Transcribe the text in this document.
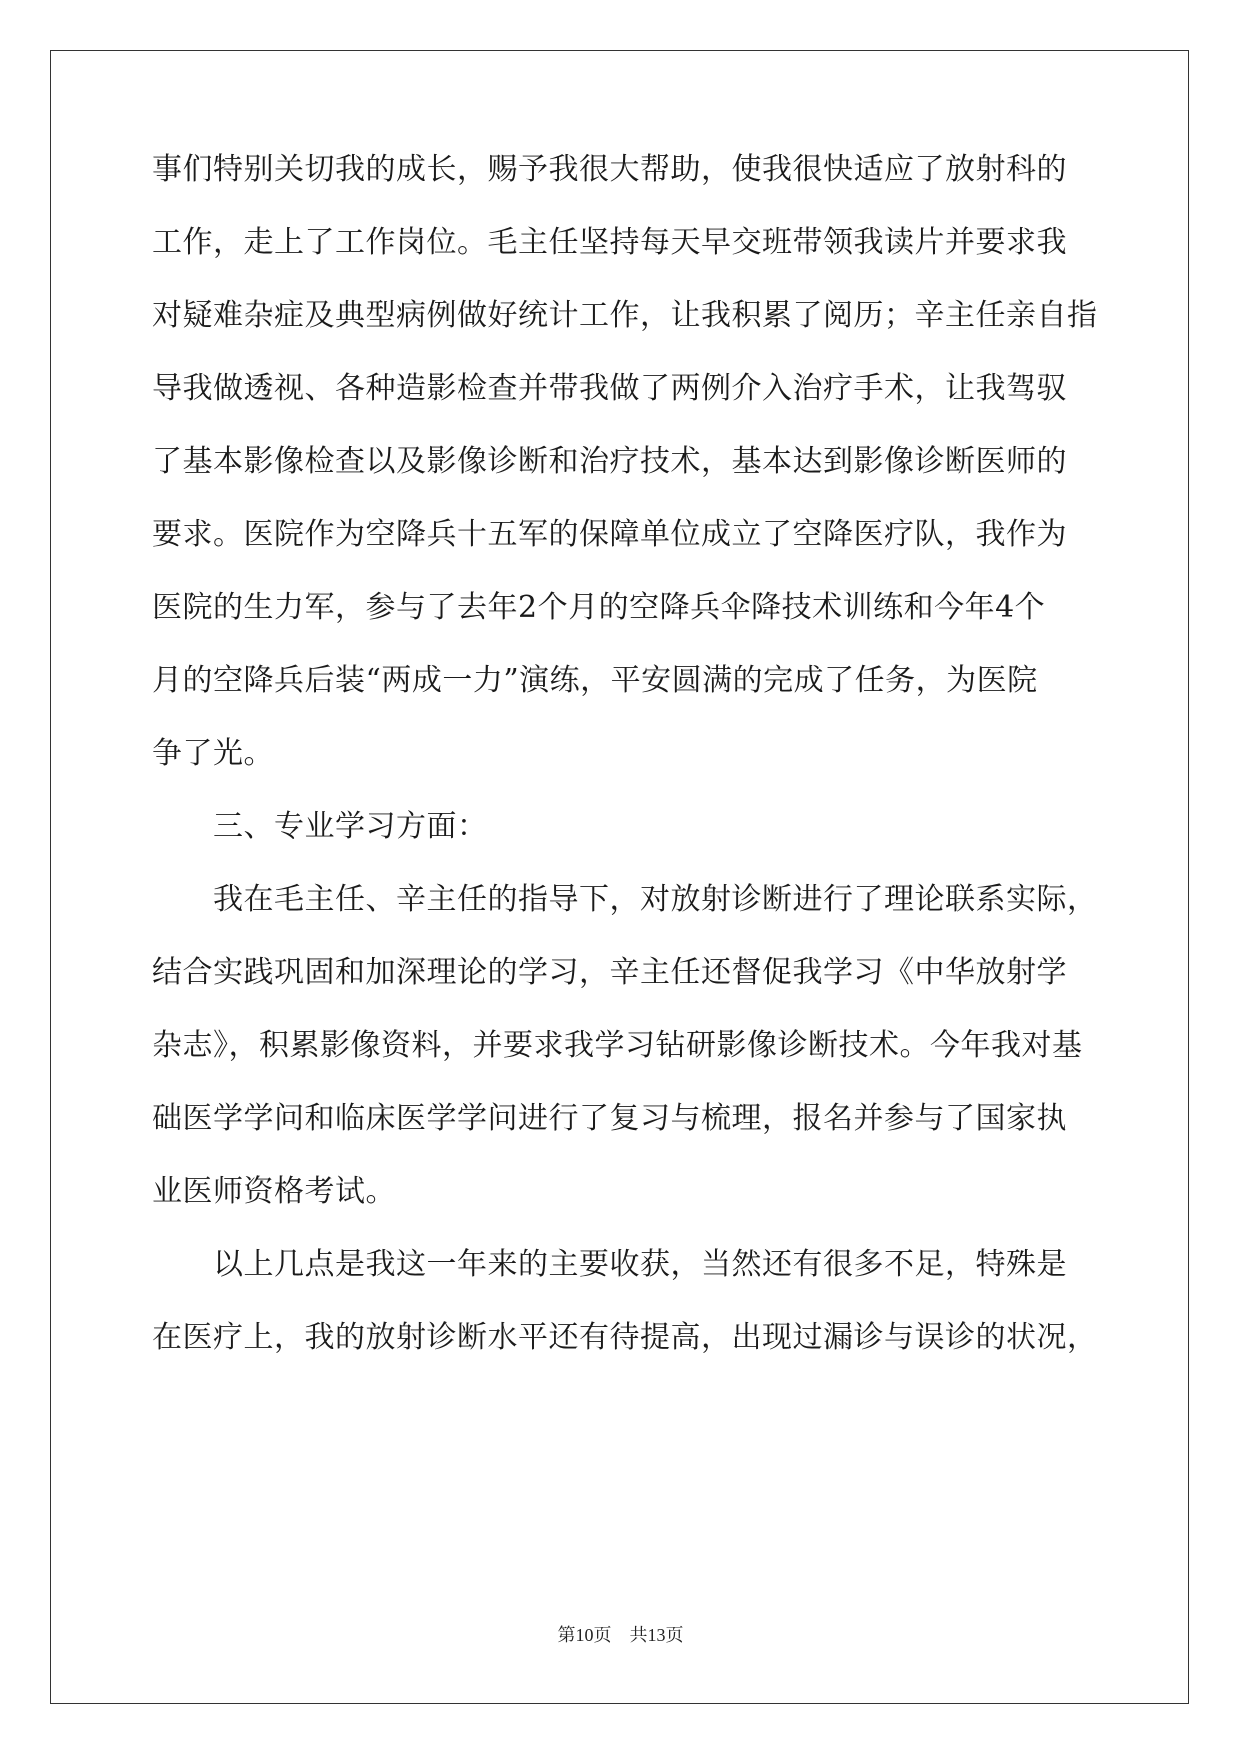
事们特别关切我的成长，赐予我很大帮助，使我很快适应了放射科的
工作，走上了工作岗位。毛主任坚持每天早交班带领我读片并要求我
对疑难杂症及典型病例做好统计工作，让我积累了阅历；辛主任亲自指
导我做透视、各种造影检查并带我做了两例介入治疗手术，让我驾驭
了基本影像检查以及影像诊断和治疗技术，基本达到影像诊断医师的
要求。医院作为空降兵十五军的保障单位成立了空降医疗队，我作为
医院的生力军，参与了去年2个月的空降兵伞降技术训练和今年4个
月的空降兵后装“两成一力”演练，平安圆满的完成了任务，为医院
争了光。
　　三、专业学习方面：
　　我在毛主任、辛主任的指导下，对放射诊断进行了理论联系实际，
结合实践巩固和加深理论的学习，辛主任还督促我学习《中华放射学
杂志》，积累影像资料，并要求我学习钻研影像诊断技术。今年我对基
础医学学问和临床医学学问进行了复习与梳理，报名并参与了国家执
业医师资格考试。
　　以上几点是我这一年来的主要收获，当然还有很多不足，特殊是
在医疗上，我的放射诊断水平还有待提高，出现过漏诊与误诊的状况，
第10页　共13页
